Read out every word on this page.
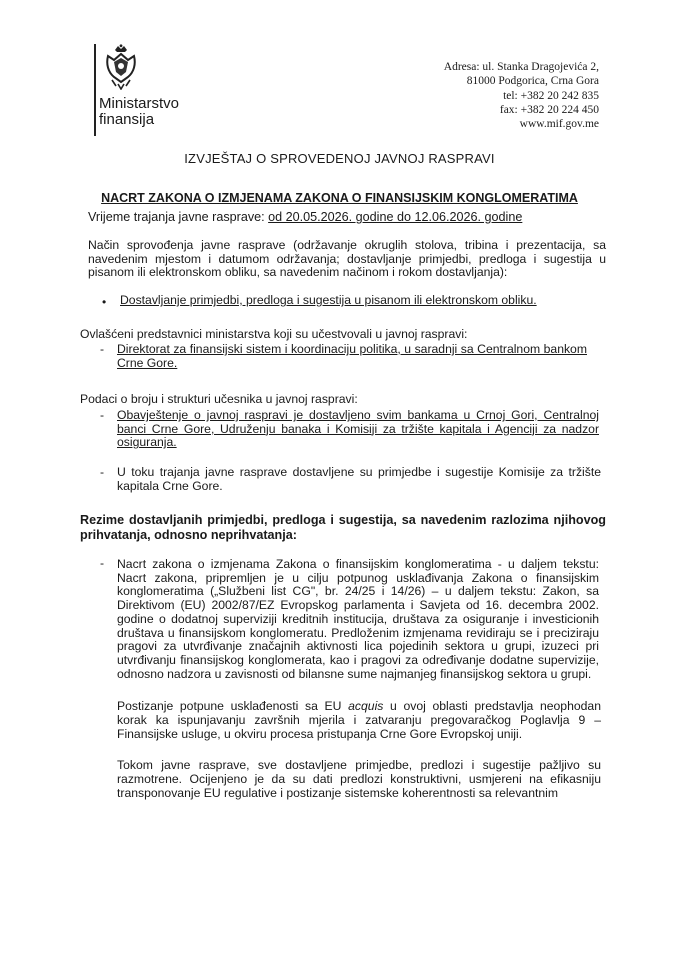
Ministarstvo
finansija
Adresa: ul. Stanka Dragojevića 2,
81000 Podgorica, Crna Gora
tel: +382 20 242 835
fax: +382 20 224 450
www.mif.gov.me
IZVJEŠTAJ O SPROVEDENOJ JAVNOJ RASPRAVI
NACRT ZAKONA O IZMJENAMA ZAKONA O FINANSIJSKIM KONGLOMERATIMA
Vrijeme trajanja javne rasprave: od 20.05.2026. godine do 12.06.2026. godine
Način sprovođenja javne rasprave (održavanje okruglih stolova, tribina i prezentacija, sa navedenim mjestom i datumom održavanja; dostavljanje primjedbi, predloga i sugestija u pisanom ili elektronskom obliku, sa navedenim načinom i rokom dostavljanja):
• Dostavljanje primjedbi, predloga i sugestija u pisanom ili elektronskom obliku.
Ovlašćeni predstavnici ministarstva koji su učestvovali u javnoj raspravi:
- Direktorat za finansijski sistem i koordinaciju politika, u saradnji sa Centralnom bankom Crne Gore.
Podaci o broju i strukturi učesnika u javnoj raspravi:
- Obavještenje o javnoj raspravi je dostavljeno svim bankama u Crnoj Gori, Centralnoj banci Crne Gore, Udruženju banaka i Komisiji za tržište kapitala i Agenciji za nadzor osiguranja.
- U toku trajanja javne rasprave dostavljene su primjedbe i sugestije Komisije za tržište kapitala Crne Gore.
Rezime dostavljanih primjedbi, predloga i sugestija, sa navedenim razlozima njihovog prihvatanja, odnosno neprihvatanja:
- Nacrt zakona o izmjenama Zakona o finansijskim konglomeratima - u daljem tekstu: Nacrt zakona, pripremljen je u cilju potpunog usklađivanja Zakona o finansijskim konglomeratima („Službeni list CG", br. 24/25 i 14/26) – u daljem tekstu: Zakon, sa Direktivom (EU) 2002/87/EZ Evropskog parlamenta i Savjeta od 16. decembra 2002. godine o dodatnoj superviziji kreditnih institucija, društava za osiguranje i investicionih društava u finansijskom konglomeratu. Predloženim izmjenama revidiraju se i preciziraju pragovi za utvrđivanje značajnih aktivnosti lica pojedinih sektora u grupi, izuzeci pri utvrđivanju finansijskog konglomerata, kao i pragovi za određivanje dodatne supervizije, odnosno nadzora u zavisnosti od bilansne sume najmanjeg finansijskog sektora u grupi.
Postizanje potpune usklađenosti sa EU acquis u ovoj oblasti predstavlja neophodan korak ka ispunjavanju završnih mjerila i zatvaranju pregovaračkog Poglavlja 9 – Finansijske usluge, u okviru procesa pristupanja Crne Gore Evropskoj uniji.
Tokom javne rasprave, sve dostavljene primjedbe, predlozi i sugestije pažljivo su razmotrene. Ocijenjeno je da su dati predlozi konstruktivni, usmjereni na efikasniju transponovanje EU regulative i postizanje sistemske koherentnosti sa relevantnim
